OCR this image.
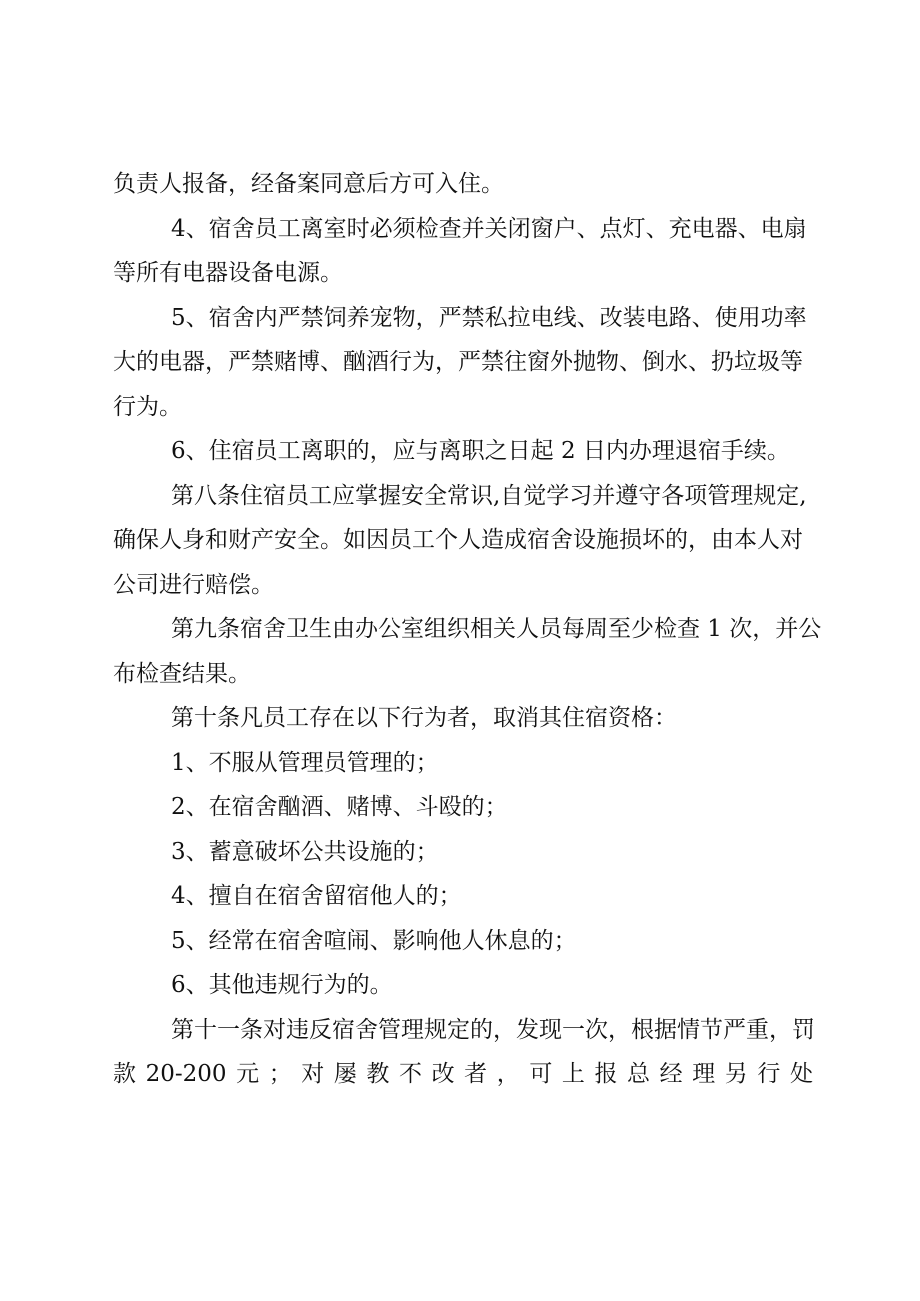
负责人报备，经备案同意后方可入住。
4、宿舍员工离室时必须检查并关闭窗户、点灯、充电器、电扇
等所有电器设备电源。
5、宿舍内严禁饲养宠物，严禁私拉电线、改装电路、使用功率
大的电器，严禁赌博、酗酒行为，严禁往窗外抛物、倒水、扔垃圾等
行为。
6、住宿员工离职的，应与离职之日起 2 日内办理退宿手续。
第八条住宿员工应掌握安全常识,自觉学习并遵守各项管理规定,
确保人身和财产安全。如因员工个人造成宿舍设施损坏的，由本人对
公司进行赔偿。
第九条宿舍卫生由办公室组织相关人员每周至少检查 1 次，并公
布检查结果。
第十条凡员工存在以下行为者，取消其住宿资格：
1、不服从管理员管理的；
2、在宿舍酗酒、赌博、斗殴的；
3、蓄意破坏公共设施的；
4、擅自在宿舍留宿他人的；
5、经常在宿舍喧闹、影响他人休息的；
6、其他违规行为的。
第十一条对违反宿舍管理规定的，发现一次，根据情节严重，罚
款 20-200 元 ； 对 屡 教 不 改 者 ， 可 上 报 总 经 理 另 行 处
